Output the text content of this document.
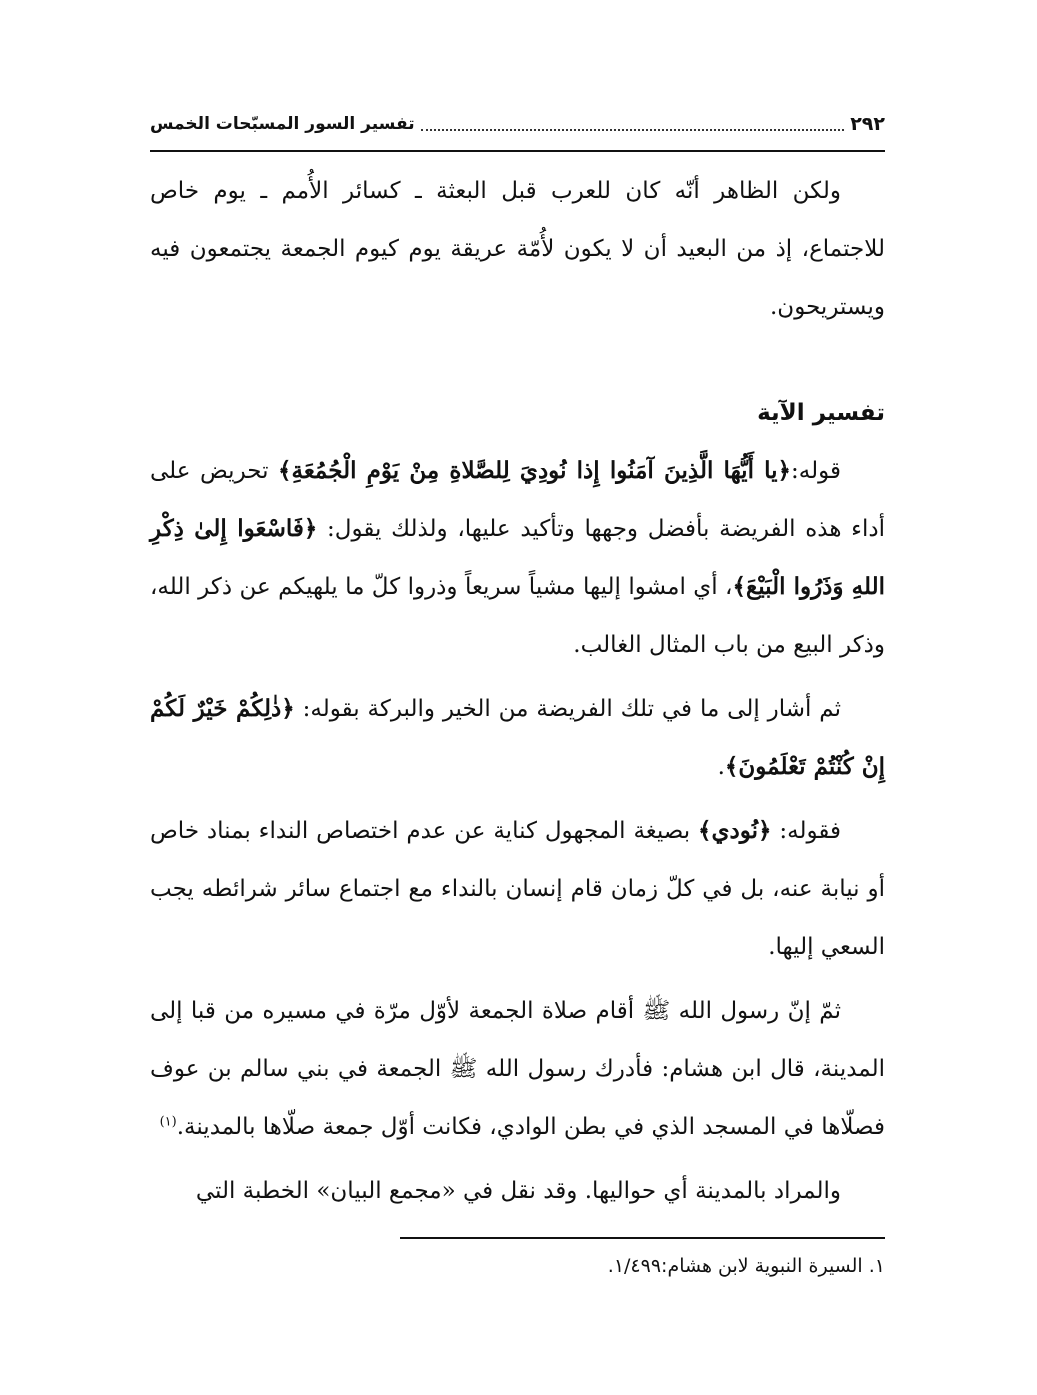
٢٩٢
تفسير السور المسبّحات الخمس

ولكن الظاهر أنّه كان للعرب قبل البعثة ـ كسائر الأُمم ـ يوم خاص للاجتماع، إذ من البعيد أن لا يكون لأُمّة عريقة يوم كيوم الجمعة يجتمعون فيه ويستريحون.

تفسير الآية

قوله:﴿يا أَيُّهَا الَّذِينَ آمَنُوا إِذا نُودِيَ لِلصَّلاةِ مِنْ يَوْمِ الْجُمُعَةِ﴾ تحريض على أداء هذه الفريضة بأفضل وجهها وتأكيد عليها، ولذلك يقول: ﴿فَاسْعَوا إِلىٰ ذِكْرِ اللهِ وَذَرُوا الْبَيْعَ﴾، أي امشوا إليها مشياً سريعاً وذروا كلّ ما يلهيكم عن ذكر الله، وذكر البيع من باب المثال الغالب.

ثم أشار إلى ما في تلك الفريضة من الخير والبركة بقوله: ﴿ذٰلِكُمْ خَيْرٌ لَكُمْ إِنْ كُنْتُمْ تَعْلَمُونَ﴾.

فقوله: ﴿نُودي﴾ بصيغة المجهول كناية عن عدم اختصاص النداء بمناد خاص أو نيابة عنه، بل في كلّ زمان قام إنسان بالنداء مع اجتماع سائر شرائطه يجب السعي إليها.

ثمّ إنّ رسول الله ﷺ أقام صلاة الجمعة لأوّل مرّة في مسيره من قبا إلى المدينة، قال ابن هشام: فأدرك رسول الله ﷺ الجمعة في بني سالم بن عوف فصلّاها في المسجد الذي في بطن الوادي، فكانت أوّل جمعة صلّاها بالمدينة.$^{(١)}$

والمراد بالمدينة أي حواليها. وقد نقل في «مجمع البيان» الخطبة التي

١. السيرة النبوية لابن هشام:١/٤٩٩.
